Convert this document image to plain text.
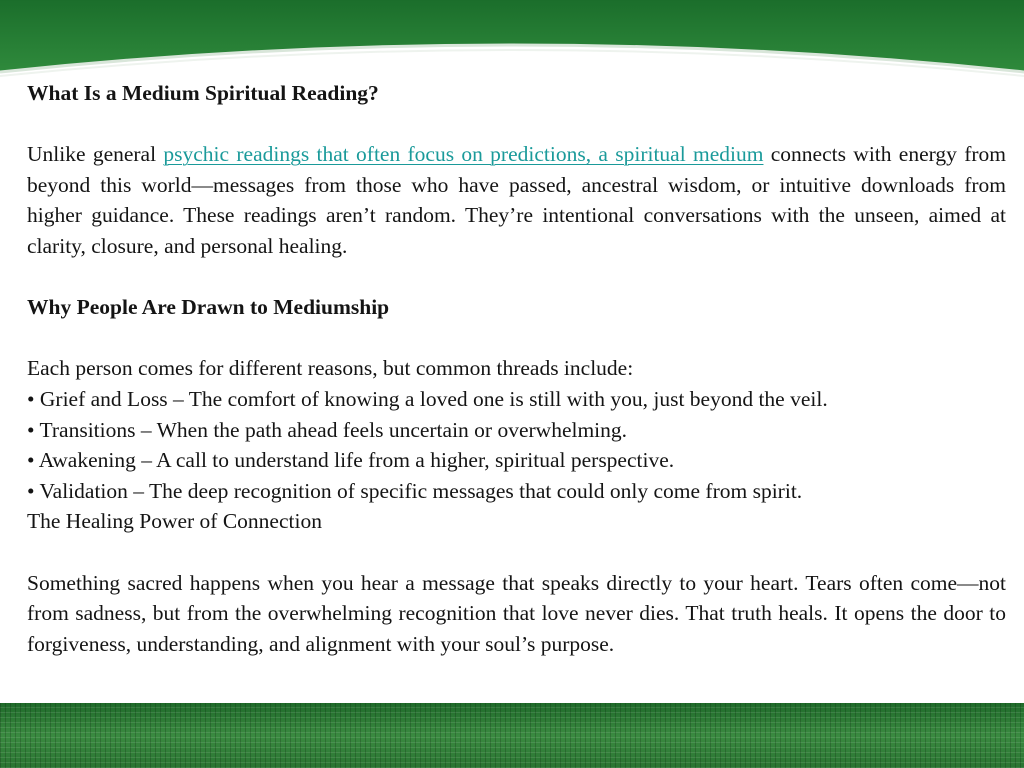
What Is a Medium Spiritual Reading?

Unlike general psychic readings that often focus on predictions, a spiritual medium connects with energy from beyond this world—messages from those who have passed, ancestral wisdom, or intuitive downloads from higher guidance. These readings aren’t random. They’re intentional conversations with the unseen, aimed at clarity, closure, and personal healing.

Why People Are Drawn to Mediumship

Each person comes for different reasons, but common threads include:

• Grief and Loss – The comfort of knowing a loved one is still with you, just beyond the veil.

• Transitions – When the path ahead feels uncertain or overwhelming.

• Awakening – A call to understand life from a higher, spiritual perspective.

• Validation – The deep recognition of specific messages that could only come from spirit.

The Healing Power of Connection

Something sacred happens when you hear a message that speaks directly to your heart. Tears often come—not from sadness, but from the overwhelming recognition that love never dies. That truth heals. It opens the door to forgiveness, understanding, and alignment with your soul’s purpose.
